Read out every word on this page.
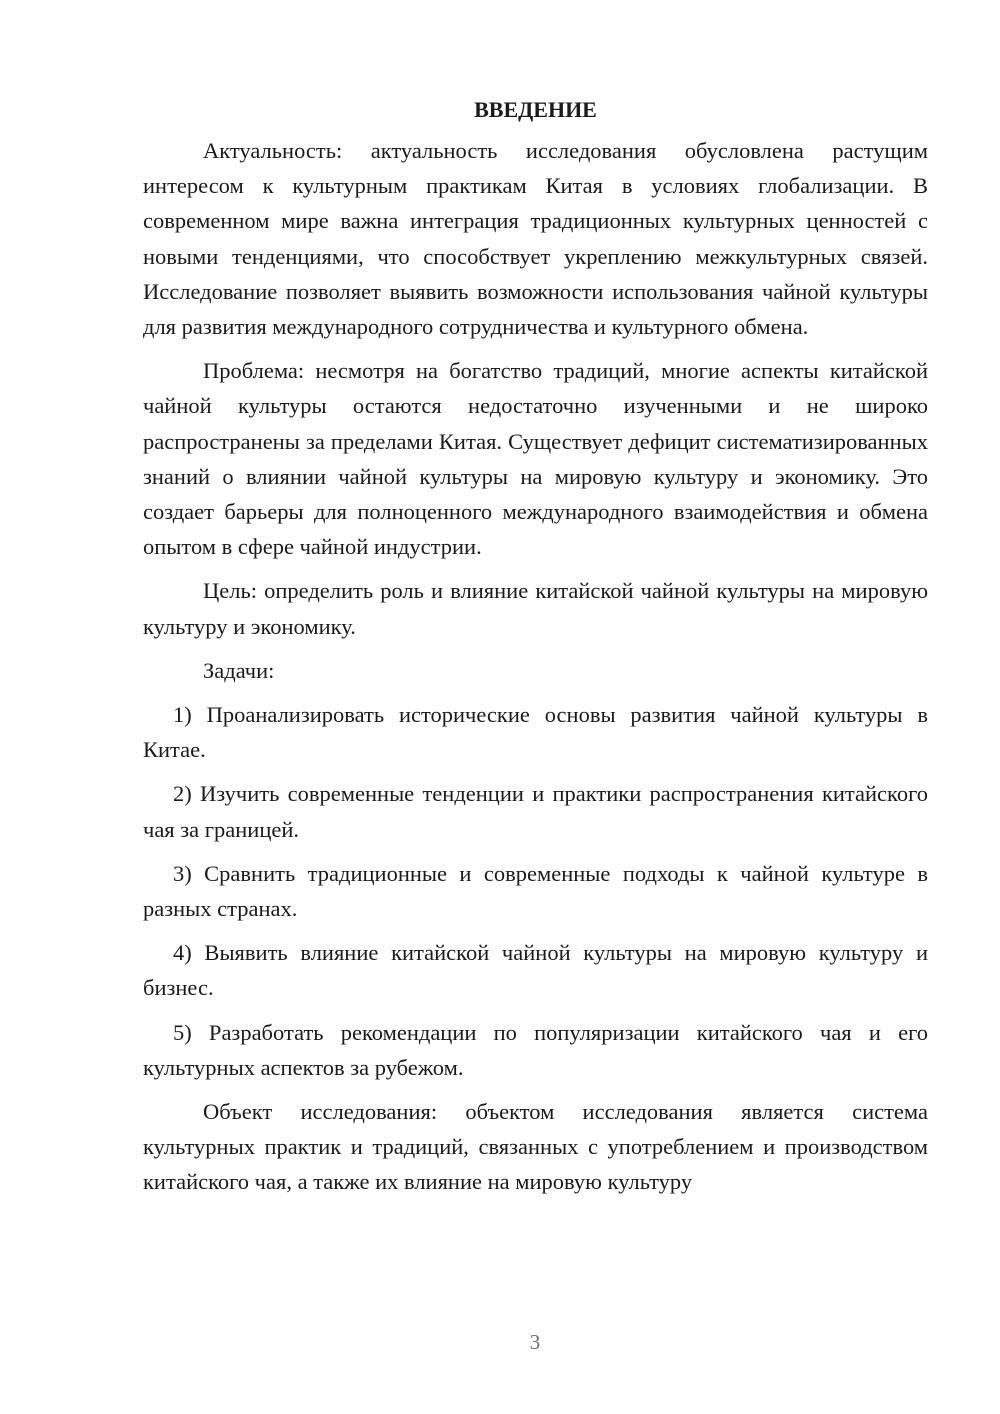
ВВЕДЕНИЕ

Актуальность: актуальность исследования обусловлена растущим интересом к культурным практикам Китая в условиях глобализации. В современном мире важна интеграция традиционных культурных ценностей с новыми тенденциями, что способствует укреплению межкультурных связей. Исследование позволяет выявить возможности использования чайной культуры для развития международного сотрудничества и культурного обмена.

Проблема: несмотря на богатство традиций, многие аспекты китайской чайной культуры остаются недостаточно изученными и не широко распространены за пределами Китая. Существует дефицит систематизированных знаний о влиянии чайной культуры на мировую культуру и экономику. Это создает барьеры для полноценного международного взаимодействия и обмена опытом в сфере чайной индустрии.

Цель: определить роль и влияние китайской чайной культуры на мировую культуру и экономику.

Задачи:

1) Проанализировать исторические основы развития чайной культуры в Китае.

2) Изучить современные тенденции и практики распространения китайского чая за границей.

3) Сравнить традиционные и современные подходы к чайной культуре в разных странах.

4) Выявить влияние китайской чайной культуры на мировую культуру и бизнес.

5) Разработать рекомендации по популяризации китайского чая и его культурных аспектов за рубежом.

Объект исследования: объектом исследования является система культурных практик и традиций, связанных с употреблением и производством китайского чая, а также их влияние на мировую культуру

3
